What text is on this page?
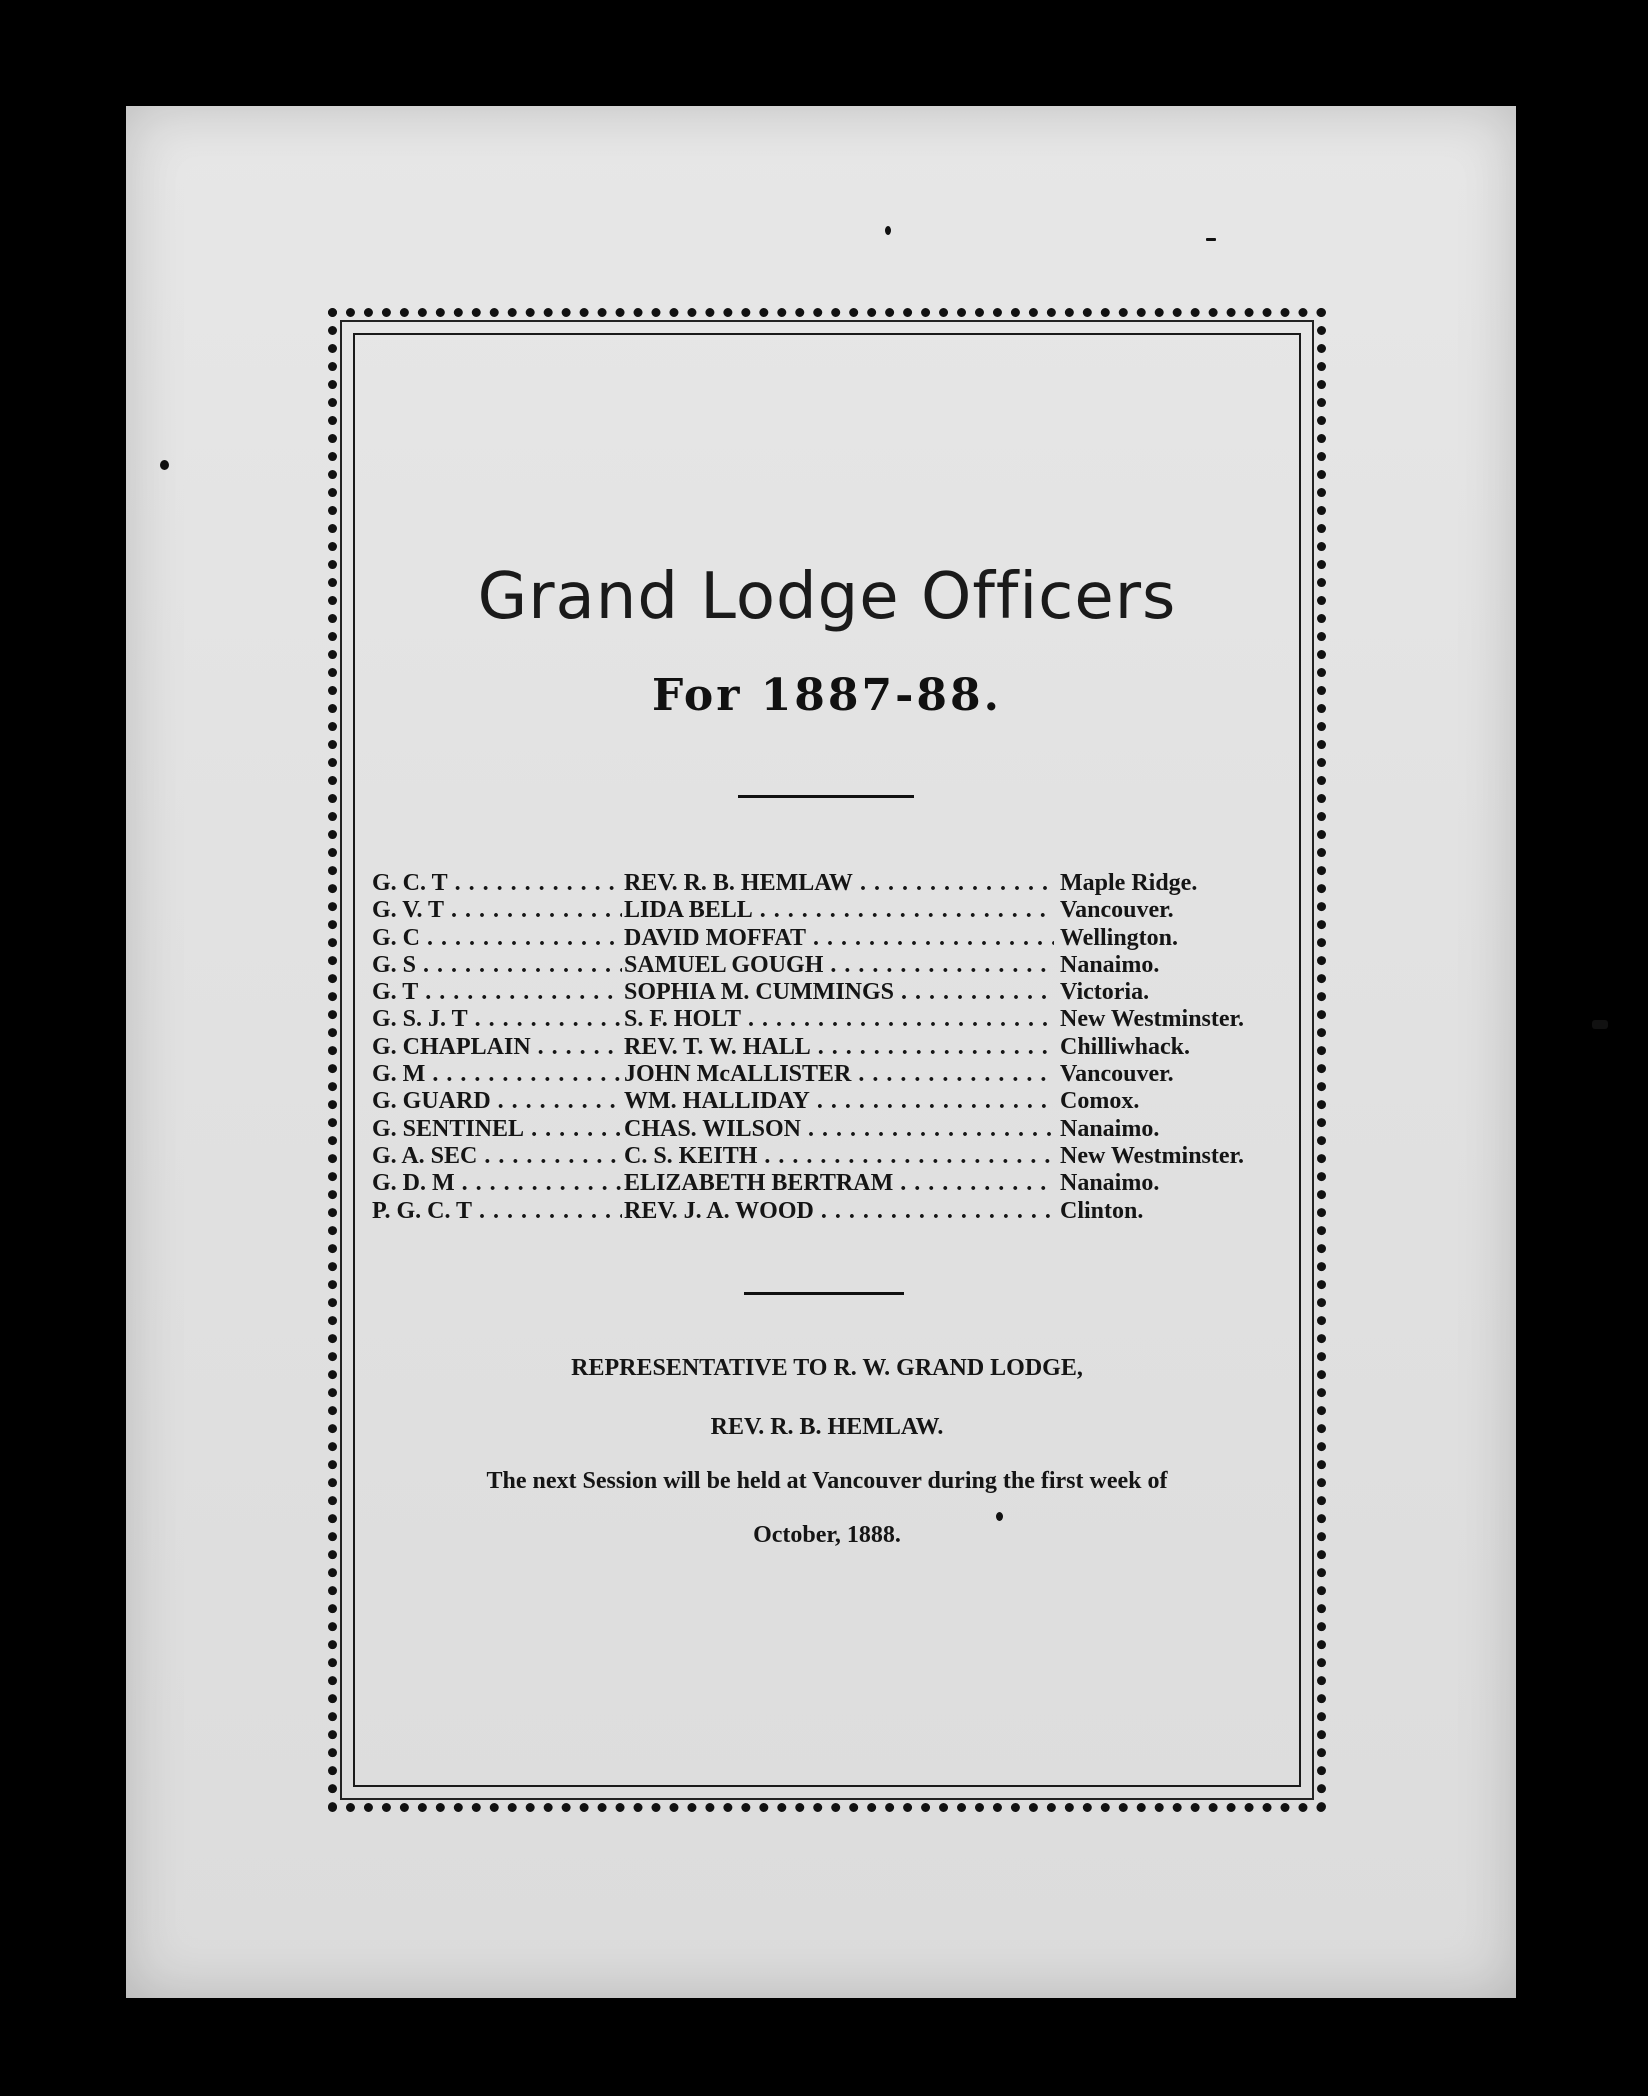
Grand Lodge Officers
For 1887-88.
G. C. T . . .	REV. R. B. HEMLAW . . .	Maple Ridge.
G. V. T . . .	LIDA BELL . . .	Vancouver.
G. C . . .	DAVID MOFFAT . . .	Wellington.
G. S . . .	SAMUEL GOUGH . . .	Nanaimo.
G. T . . .	SOPHIA M. CUMMINGS . . .	Victoria.
G. S. J. T . . .	S. F. HOLT . . .	New Westminster.
G. CHAPLAIN . . .	REV. T. W. HALL . . .	Chilliwhack.
G. M . . .	JOHN McALLISTER . . .	Vancouver.
G. GUARD . . .	WM. HALLIDAY . . .	Comox.
G. SENTINEL . . .	CHAS. WILSON . . .	Nanaimo.
G. A. SEC . . .	C. S. KEITH . . .	New Westminster.
G. D. M . . .	ELIZABETH BERTRAM . . .	Nanaimo.
P. G. C. T . . .	REV. J. A. WOOD . . .	Clinton.
REPRESENTATIVE TO R. W. GRAND LODGE,
REV. R. B. HEMLAW.
The next Session will be held at Vancouver during the first week of
October, 1888.
